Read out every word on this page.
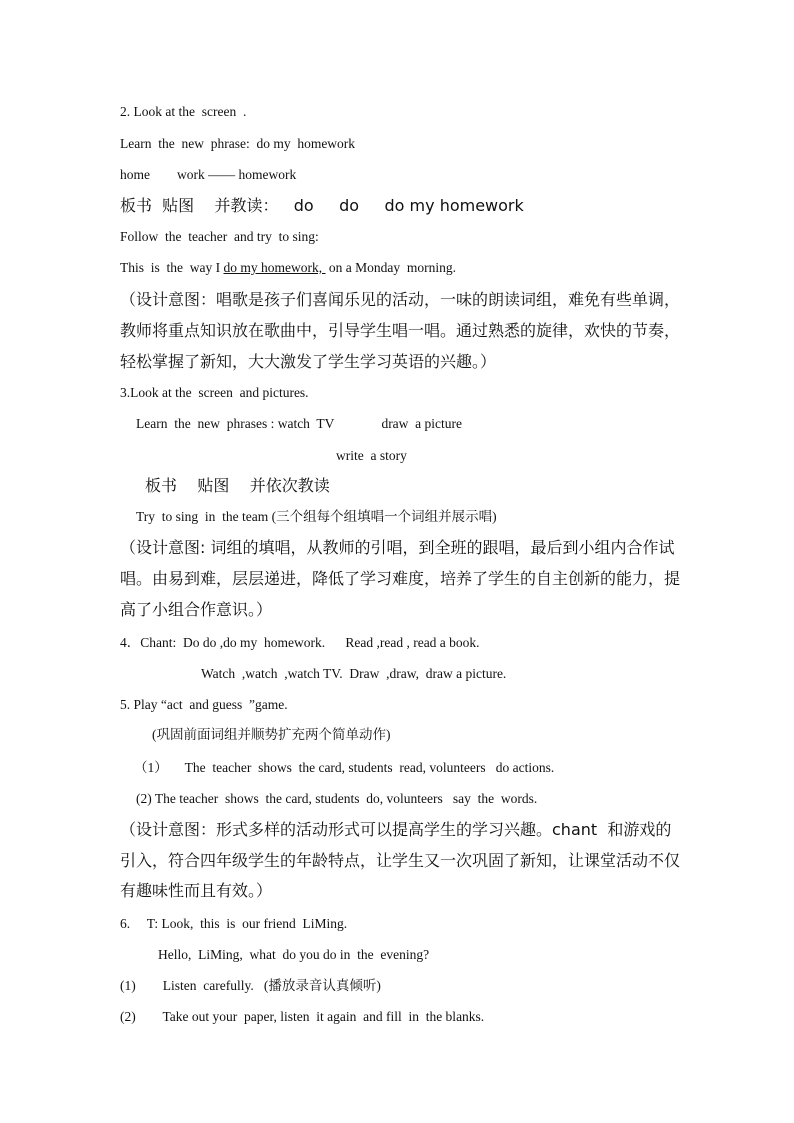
2. Look at the  screen  .
Learn  the  new  phrase:  do my  homework
home        work —— homework
板书  贴图    并教读：   do     do     do my homework
Follow  the  teacher  and try  to sing:
This  is  the  way I do my homework,  on a Monday  morning.
（设计意图：唱歌是孩子们喜闻乐见的活动，一味的朗读词组，难免有些单调，
教师将重点知识放在歌曲中，引导学生唱一唱。通过熟悉的旋律，欢快的节奏，
轻松掌握了新知，大大激发了学生学习英语的兴趣。）
3.Look at the  screen  and pictures.
Learn  the  new  phrases : watch  TV              draw  a picture
write  a story
板书    贴图    并依次教读
Try  to sing  in  the team (三个组每个组填唱一个词组并展示唱)
（设计意图: 词组的填唱，从教师的引唱，到全班的跟唱，最后到小组内合作试
唱。由易到难，层层递进，降低了学习难度，培养了学生的自主创新的能力，提
高了小组合作意识。）
4．Chant:  Do do ,do my  homework.      Read ,read , read a book.
Watch  ,watch  ,watch TV.  Draw  ,draw,  draw a picture.
5. Play “act  and guess  ”game.
(巩固前面词组并顺势扩充两个简单动作)
（1）     The  teacher  shows  the card, students  read, volunteers   do actions.
(2) The teacher  shows  the card, students  do, volunteers   say  the  words.
（设计意图：形式多样的活动形式可以提高学生的学习兴趣。chant  和游戏的
引入，符合四年级学生的年龄特点，让学生又一次巩固了新知，让课堂活动不仅
有趣味性而且有效。）
6.     T: Look,  this  is  our friend  LiMing.
Hello,  LiMing,  what  do you do in  the  evening?
(1)        Listen  carefully.   (播放录音认真倾听)
(2)        Take out your  paper, listen  it again  and fill  in  the blanks.
